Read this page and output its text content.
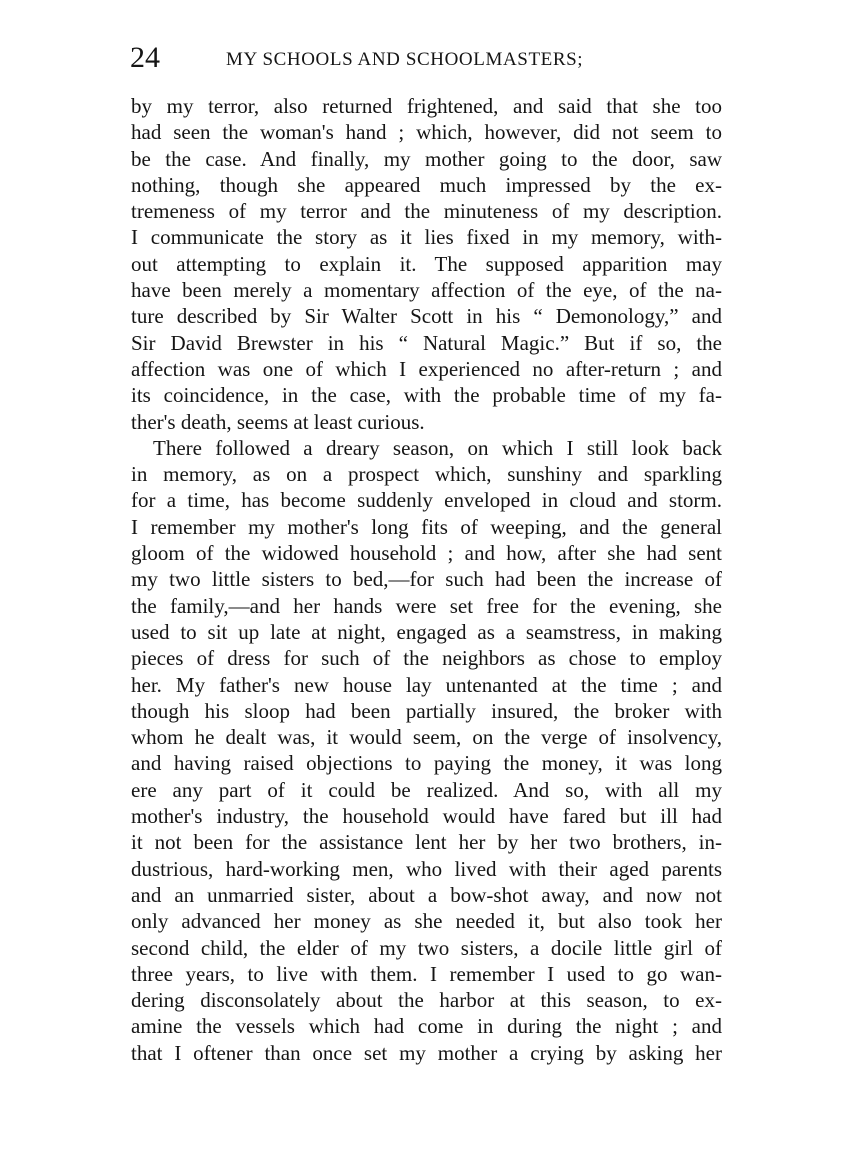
24	MY SCHOOLS AND SCHOOLMASTERS;
by my terror, also returned frightened, and said that she too
had seen the woman's hand ; which, however, did not seem to
be the case. And finally, my mother going to the door, saw
nothing, though she appeared much impressed by the ex-
tremeness of my terror and the minuteness of my description.
I communicate the story as it lies fixed in my memory, with-
out attempting to explain it. The supposed apparition may
have been merely a momentary affection of the eye, of the na-
ture described by Sir Walter Scott in his “ Demonology,” and
Sir David Brewster in his “ Natural Magic.” But if so, the
affection was one of which I experienced no after-return ; and
its coincidence, in the case, with the probable time of my fa-
ther's death, seems at least curious.
There followed a dreary season, on which I still look back
in memory, as on a prospect which, sunshiny and sparkling
for a time, has become suddenly enveloped in cloud and storm.
I remember my mother's long fits of weeping, and the general
gloom of the widowed household ; and how, after she had sent
my two little sisters to bed,—for such had been the increase of
the family,—and her hands were set free for the evening, she
used to sit up late at night, engaged as a seamstress, in making
pieces of dress for such of the neighbors as chose to employ
her. My father's new house lay untenanted at the time ; and
though his sloop had been partially insured, the broker with
whom he dealt was, it would seem, on the verge of insolvency,
and having raised objections to paying the money, it was long
ere any part of it could be realized. And so, with all my
mother's industry, the household would have fared but ill had
it not been for the assistance lent her by her two brothers, in-
dustrious, hard-working men, who lived with their aged parents
and an unmarried sister, about a bow-shot away, and now not
only advanced her money as she needed it, but also took her
second child, the elder of my two sisters, a docile little girl of
three years, to live with them. I remember I used to go wan-
dering disconsolately about the harbor at this season, to ex-
amine the vessels which had come in during the night ; and
that I oftener than once set my mother a crying by asking her
